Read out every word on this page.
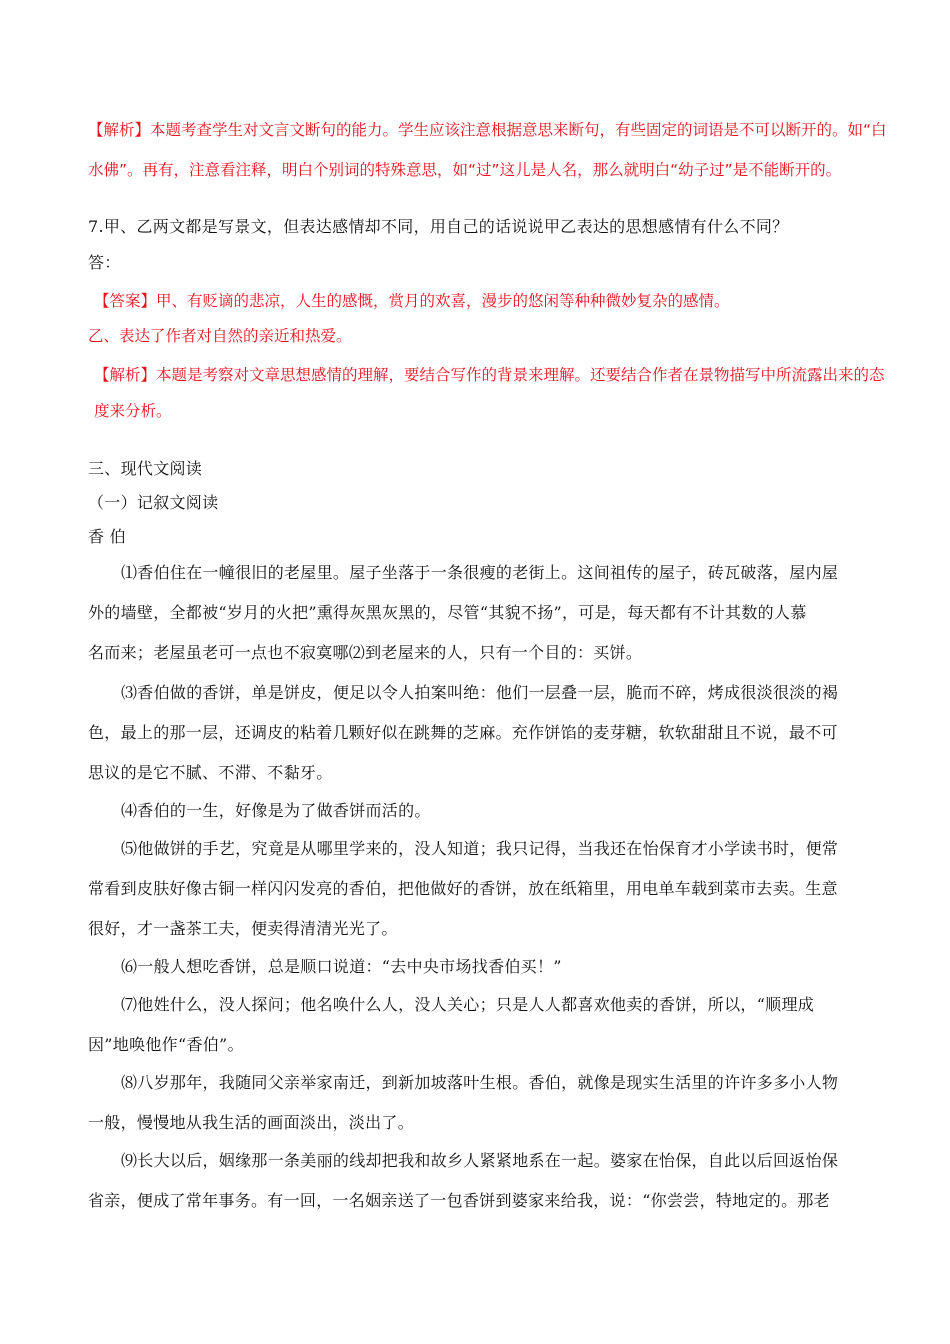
【解析】本题考查学生对文言文断句的能力。学生应该注意根据意思来断句，有些固定的词语是不可以断开的。如“白
水佛”。再有，注意看注释，明白个别词的特殊意思，如“过”这儿是人名，那么就明白“幼子过”是不能断开的。
7.甲、乙两文都是写景文，但表达感情却不同，用自己的话说说甲乙表达的思想感情有什么不同？
答：
【答案】甲、有贬谪的悲凉，人生的感慨，赏月的欢喜，漫步的悠闲等种种微妙复杂的感情。
乙、表达了作者对自然的亲近和热爱。
【解析】本题是考察对文章思想感情的理解，要结合写作的背景来理解。还要结合作者在景物描写中所流露出来的态
度来分析。
三、现代文阅读
（一）记叙文阅读
香 伯
⑴香伯住在一幢很旧的老屋里。屋子坐落于一条很瘦的老街上。这间祖传的屋子，砖瓦破落，屋内屋
外的墙壁，全都被“岁月的火把”熏得灰黑灰黑的，尽管“其貌不扬”，可是，每天都有不计其数的人慕
名而来；老屋虽老可一点也不寂寞哪⑵到老屋来的人，只有一个目的：买饼。
⑶香伯做的香饼，单是饼皮，便足以令人拍案叫绝：他们一层叠一层，脆而不碎，烤成很淡很淡的褐
色，最上的那一层，还调皮的粘着几颗好似在跳舞的芝麻。充作饼馅的麦芽糖，软软甜甜且不说，最不可
思议的是它不腻、不滞、不黏牙。
⑷香伯的一生，好像是为了做香饼而活的。
⑸他做饼的手艺，究竟是从哪里学来的，没人知道；我只记得，当我还在怡保育才小学读书时，便常
常看到皮肤好像古铜一样闪闪发亮的香伯，把他做好的香饼，放在纸箱里，用电单车载到菜市去卖。生意
很好，才一盏茶工夫，便卖得清清光光了。
⑹一般人想吃香饼，总是顺口说道：“去中央市场找香伯买！”
⑺他姓什么，没人探问；他名唤什么人，没人关心；只是人人都喜欢他卖的香饼，所以，“顺理成
因”地唤他作“香伯”。
⑻八岁那年，我随同父亲举家南迁，到新加坡落叶生根。香伯，就像是现实生活里的许许多多小人物
一般，慢慢地从我生活的画面淡出，淡出了。
⑼长大以后，姻缘那一条美丽的线却把我和故乡人紧紧地系在一起。婆家在怡保，自此以后回返怡保
省亲，便成了常年事务。有一回，一名姻亲送了一包香饼到婆家来给我，说：“你尝尝，特地定的。那老
